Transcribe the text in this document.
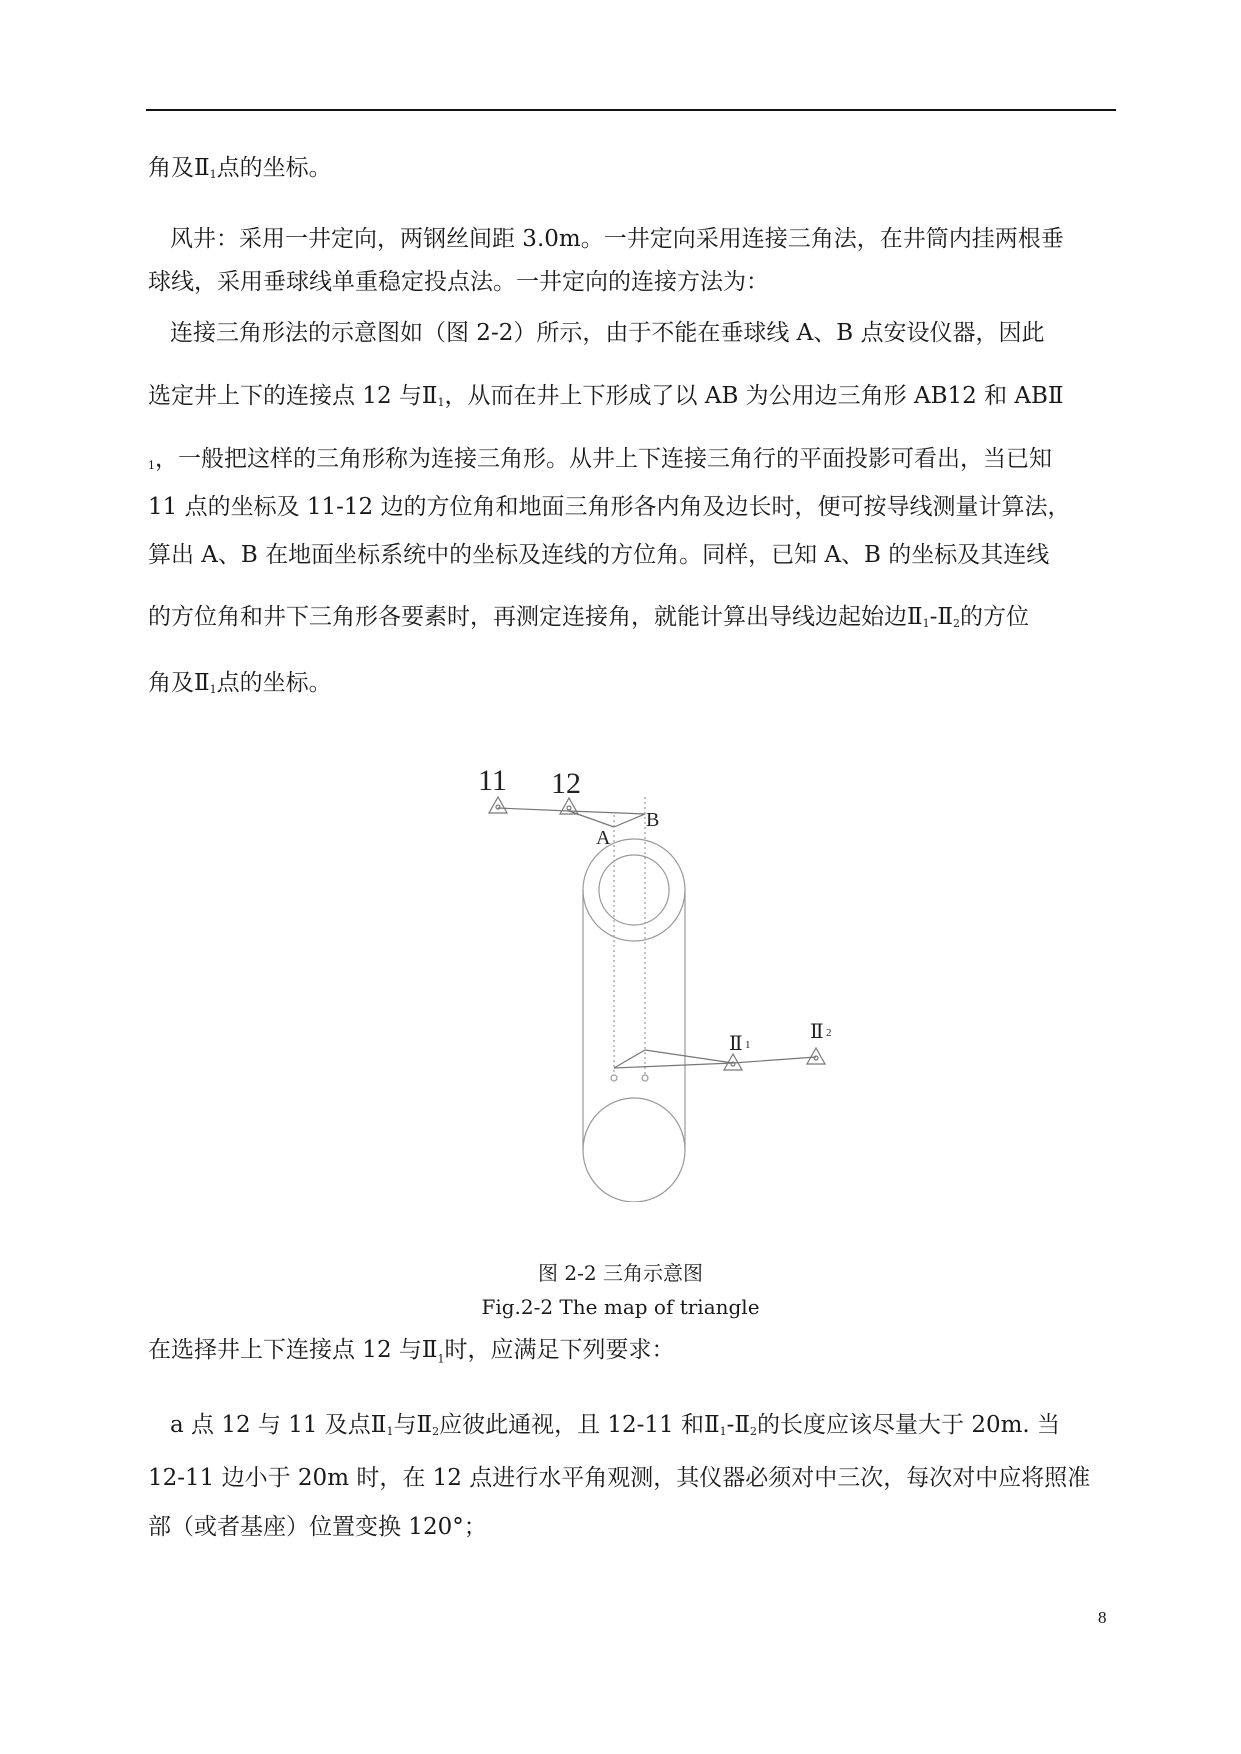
角及Ⅱ$^1$点的坐标。
风井：采用一井定向，两钢丝间距 3.0m。一井定向采用连接三角法，在井筒内挂两根垂
球线，采用垂球线单重稳定投点法。一井定向的连接方法为：
连接三角形法的示意图如（图 2-2）所示，由于不能在垂球线 A、B 点安设仪器，因此
选定井上下的连接点 12 与Ⅱ$^1$，从而在井上下形成了以 AB 为公用边三角形 AB12 和 ABⅡ
$^1$，一般把这样的三角形称为连接三角形。从井上下连接三角行的平面投影可看出，当已知
11 点的坐标及 11-12 边的方位角和地面三角形各内角及边长时，便可按导线测量计算法，
算出 A、B 在地面坐标系统中的坐标及连线的方位角。同样，已知 A、B 的坐标及其连线
的方位角和井下三角形各要素时，再测定连接角，就能计算出导线边起始边Ⅱ$^1$-Ⅱ$^2$的方位
角及Ⅱ$^1$点的坐标。
11 12
A
B
Ⅱ 1
Ⅱ 2
图 2-2 三角示意图
Fig.2-2 The map of triangle
在选择井上下连接点 12 与$Ⅱ_1$时，应满足下列要求：
a 点 12 与 11 及点Ⅱ$^1$与Ⅱ$^2$应彼此通视，且 12-11 和Ⅱ$^1$-Ⅱ$^2$的长度应该尽量大于 20m. 当
12-11 边小于 20m 时，在 12 点进行水平角观测，其仪器必须对中三次，每次对中应将照准
部（或者基座）位置变换 120°；
8
